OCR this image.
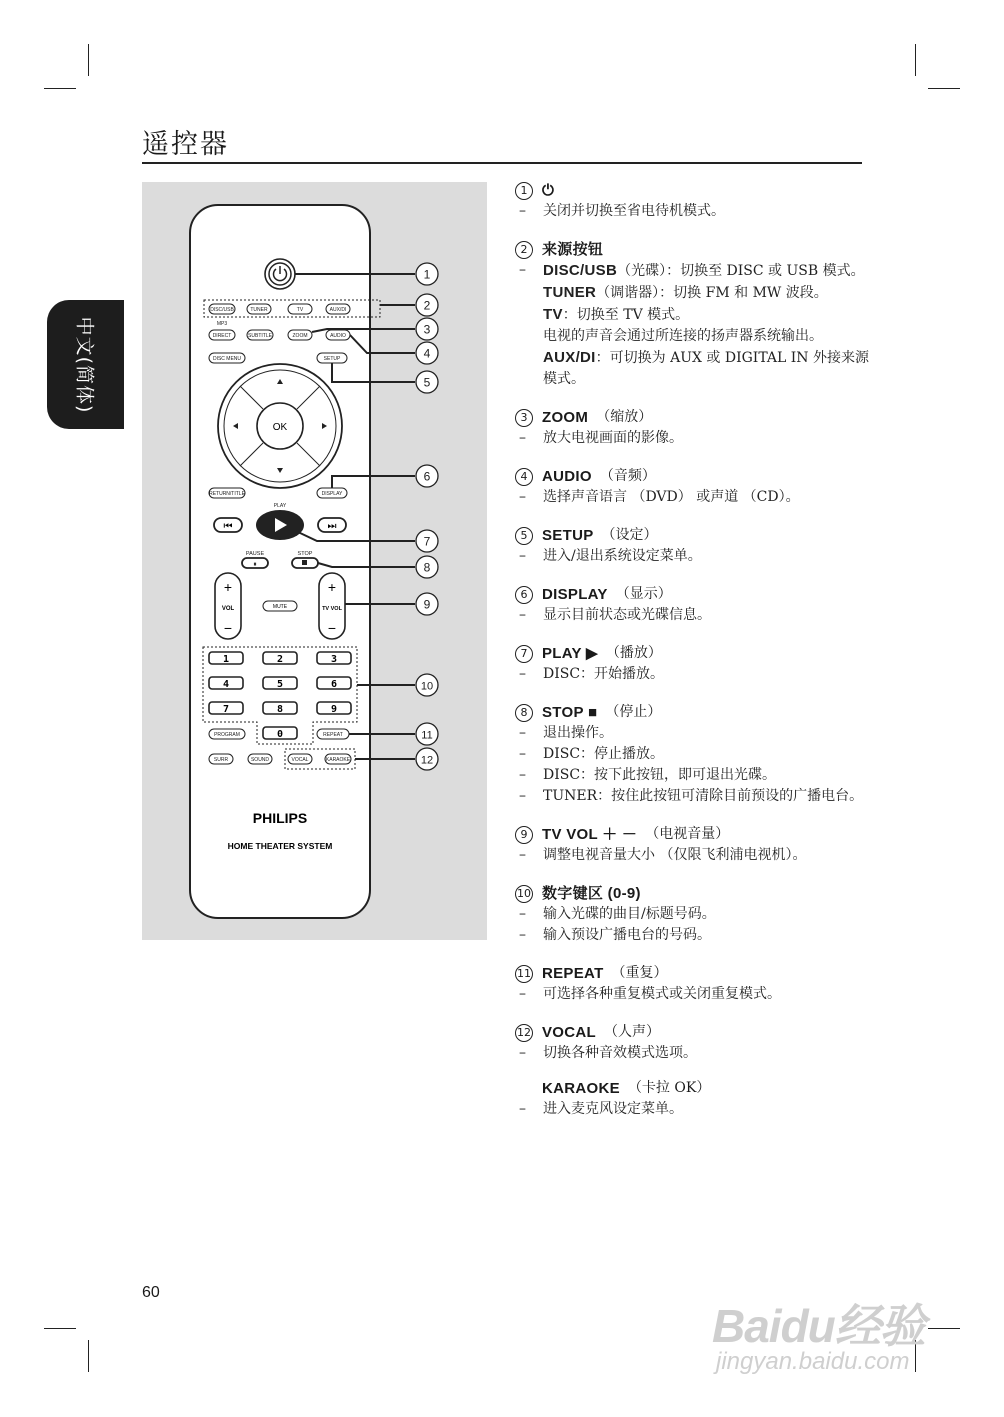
遥控器
中文(简体)
DISC/USB	TUNER	TV	AUX/DI
MP3
DIRECT	SUBTITLE	ZOOM	AUDIO
DISC MENU	SETUP
OK
RETURN/TITLE	DISPLAY
PLAY
⏮	⏭
PAUSE	STOP
⏸
+
VOL
−
MUTE
+
TV VOL
−
1	2	3
4	5	6
7	8	9
0
PROGRAM	REPEAT
SURR	SOUND	VOCAL	KARAOKE
PHILIPS
HOME THEATER SYSTEM
1
2
3
4
5
6
7
8
9
10
11
12
1 ⏻
–	关闭并切换至省电待机模式。
2 来源按钮
–	DISC/USB（光碟）：切换至 DISC 或 USB 模式。
TUNER（调谐器）：切换 FM 和 MW 波段。
TV：切换至 TV 模式。
电视的声音会通过所连接的扬声器系统输出。
AUX/DI：可切换为 AUX 或 DIGITAL IN 外接来源模式。
3 ZOOM （缩放）
–	放大电视画面的影像。
4 AUDIO （音频）
–	选择声音语言 （DVD） 或声道 （CD）。
5 SETUP （设定）
–	进入/退出系统设定菜单。
6 DISPLAY （显示）
–	显示目前状态或光碟信息。
7 PLAY ▶ （播放）
–	DISC：开始播放。
8 STOP ■ （停止）
–	退出操作。
–	DISC：停止播放。
–	DISC：按下此按钮，即可退出光碟。
–	TUNER：按住此按钮可清除目前预设的广播电台。
9 TV VOL ＋ － （电视音量）
–	调整电视音量大小 （仅限飞利浦电视机）。
10 数字键区 (0-9)
–	输入光碟的曲目/标题号码。
–	输入预设广播电台的号码。
11 REPEAT （重复）
–	可选择各种重复模式或关闭重复模式。
12 VOCAL （人声）
–	切换各种音效模式选项。
KARAOKE （卡拉 OK）
–	进入麦克风设定菜单。
60
Baidu经验
jingyan.baidu.com
